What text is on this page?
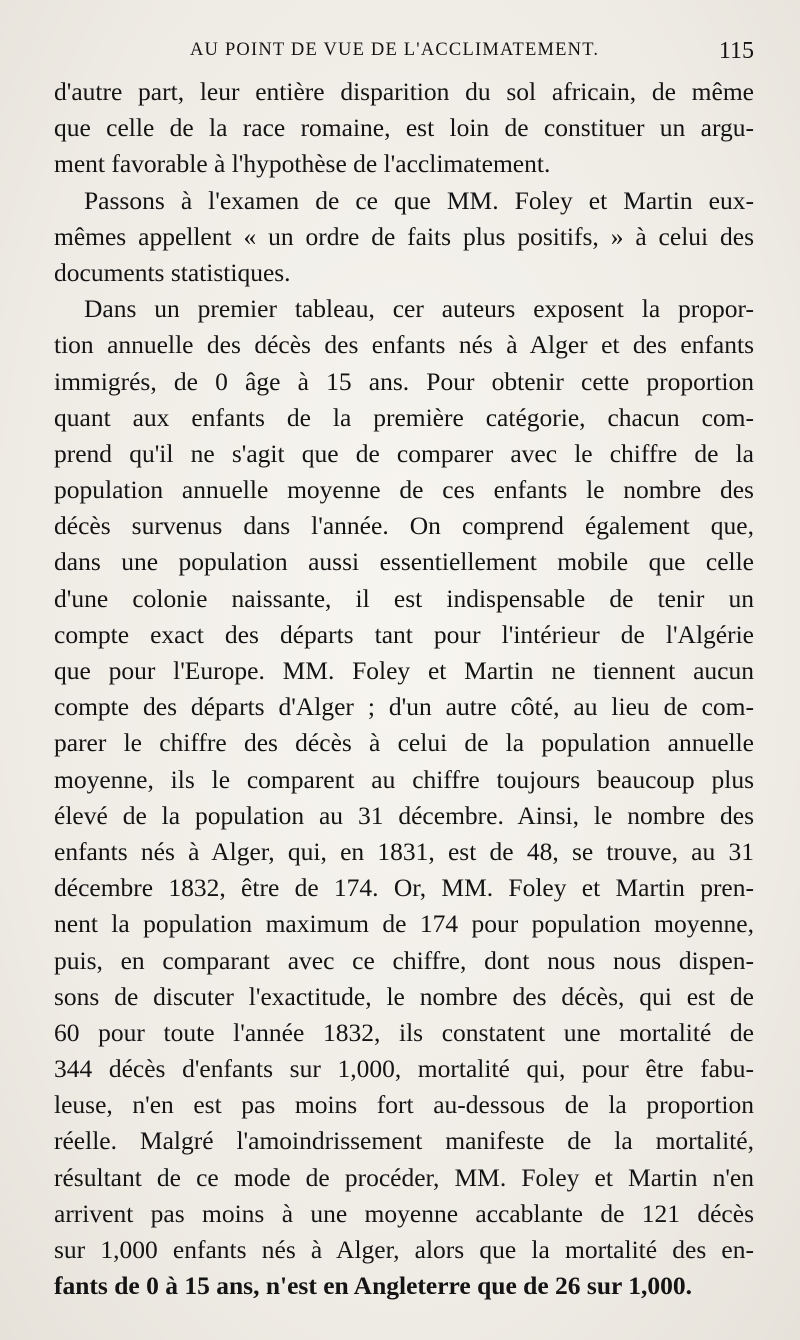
AU POINT DE VUE DE L'ACCLIMATEMENT.	115
d'autre part, leur entière disparition du sol africain, de même
que celle de la race romaine, est loin de constituer un argu-
ment favorable à l'hypothèse de l'acclimatement.
Passons à l'examen de ce que MM. Foley et Martin eux-
mêmes appellent « un ordre de faits plus positifs, » à celui des
documents statistiques.
Dans un premier tableau, cer auteurs exposent la propor-
tion annuelle des décès des enfants nés à Alger et des enfants
immigrés, de 0 âge à 15 ans. Pour obtenir cette proportion
quant aux enfants de la première catégorie, chacun com-
prend qu'il ne s'agit que de comparer avec le chiffre de la
population annuelle moyenne de ces enfants le nombre des
décès survenus dans l'année. On comprend également que,
dans une population aussi essentiellement mobile que celle
d'une colonie naissante, il est indispensable de tenir un
compte exact des départs tant pour l'intérieur de l'Algérie
que pour l'Europe. MM. Foley et Martin ne tiennent aucun
compte des départs d'Alger ; d'un autre côté, au lieu de com-
parer le chiffre des décès à celui de la population annuelle
moyenne, ils le comparent au chiffre toujours beaucoup plus
élevé de la population au 31 décembre. Ainsi, le nombre des
enfants nés à Alger, qui, en 1831, est de 48, se trouve, au 31
décembre 1832, être de 174. Or, MM. Foley et Martin pren-
nent la population maximum de 174 pour population moyenne,
puis, en comparant avec ce chiffre, dont nous nous dispen-
sons de discuter l'exactitude, le nombre des décès, qui est de
60 pour toute l'année 1832, ils constatent une mortalité de
344 décès d'enfants sur 1,000, mortalité qui, pour être fabu-
leuse, n'en est pas moins fort au-dessous de la proportion
réelle. Malgré l'amoindrissement manifeste de la mortalité,
résultant de ce mode de procéder, MM. Foley et Martin n'en
arrivent pas moins à une moyenne accablante de 121 décès
sur 1,000 enfants nés à Alger, alors que la mortalité des en-
fants de 0 à 15 ans, n'est en Angleterre que de 26 sur 1,000.
